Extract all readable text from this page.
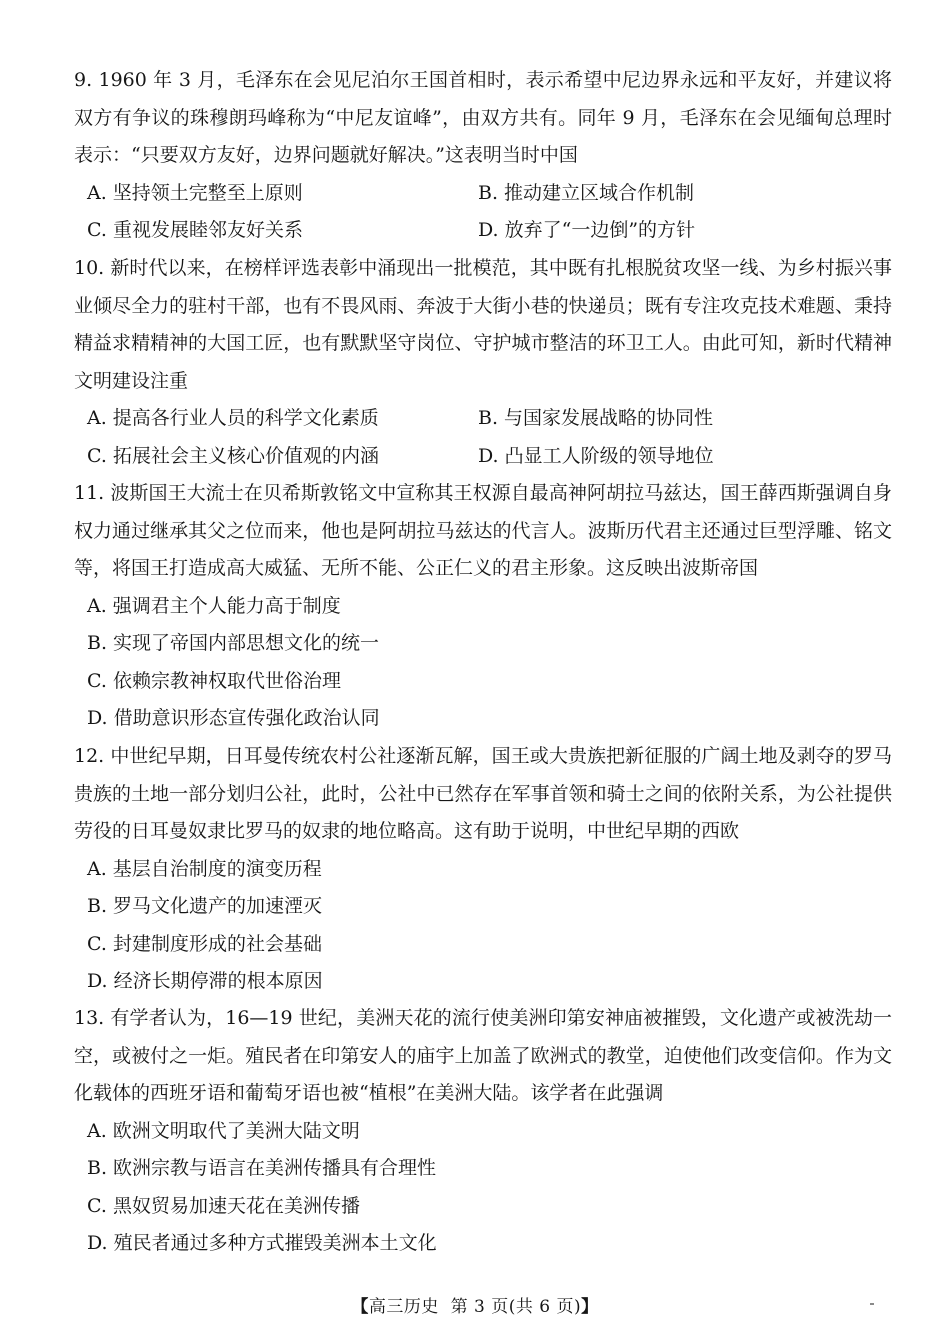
9. 1960 年 3 月，毛泽东在会见尼泊尔王国首相时，表示希望中尼边界永远和平友好，并建议将双方有争议的珠穆朗玛峰称为“中尼友谊峰”，由双方共有。同年 9 月，毛泽东在会见缅甸总理时表示：“只要双方友好，边界问题就好解决。”这表明当时中国

A. 坚持领土完整至上原则	B. 推动建立区域合作机制
C. 重视发展睦邻友好关系	D. 放弃了“一边倒”的方针

10. 新时代以来，在榜样评选表彰中涌现出一批模范，其中既有扎根脱贫攻坚一线、为乡村振兴事业倾尽全力的驻村干部，也有不畏风雨、奔波于大街小巷的快递员；既有专注攻克技术难题、秉持精益求精精神的大国工匠，也有默默坚守岗位、守护城市整洁的环卫工人。由此可知，新时代精神文明建设注重

A. 提高各行业人员的科学文化素质	B. 与国家发展战略的协同性
C. 拓展社会主义核心价值观的内涵	D. 凸显工人阶级的领导地位

11. 波斯国王大流士在贝希斯敦铭文中宣称其王权源自最高神阿胡拉马兹达，国王薛西斯强调自身权力通过继承其父之位而来，他也是阿胡拉马兹达的代言人。波斯历代君主还通过巨型浮雕、铭文等，将国王打造成高大威猛、无所不能、公正仁义的君主形象。这反映出波斯帝国

A. 强调君主个人能力高于制度
B. 实现了帝国内部思想文化的统一
C. 依赖宗教神权取代世俗治理
D. 借助意识形态宣传强化政治认同

12. 中世纪早期，日耳曼传统农村公社逐渐瓦解，国王或大贵族把新征服的广阔土地及剥夺的罗马贵族的土地一部分划归公社，此时，公社中已然存在军事首领和骑士之间的依附关系，为公社提供劳役的日耳曼奴隶比罗马的奴隶的地位略高。这有助于说明，中世纪早期的西欧

A. 基层自治制度的演变历程
B. 罗马文化遗产的加速湮灭
C. 封建制度形成的社会基础
D. 经济长期停滞的根本原因

13. 有学者认为，16—19 世纪，美洲天花的流行使美洲印第安神庙被摧毁，文化遗产或被洗劫一空，或被付之一炬。殖民者在印第安人的庙宇上加盖了欧洲式的教堂，迫使他们改变信仰。作为文化载体的西班牙语和葡萄牙语也被“植根”在美洲大陆。该学者在此强调

A. 欧洲文明取代了美洲大陆文明
B. 欧洲宗教与语言在美洲传播具有合理性
C. 黑奴贸易加速天花在美洲传播
D. 殖民者通过多种方式摧毁美洲本土文化
【高三历史 第 3 页(共 6 页)】
